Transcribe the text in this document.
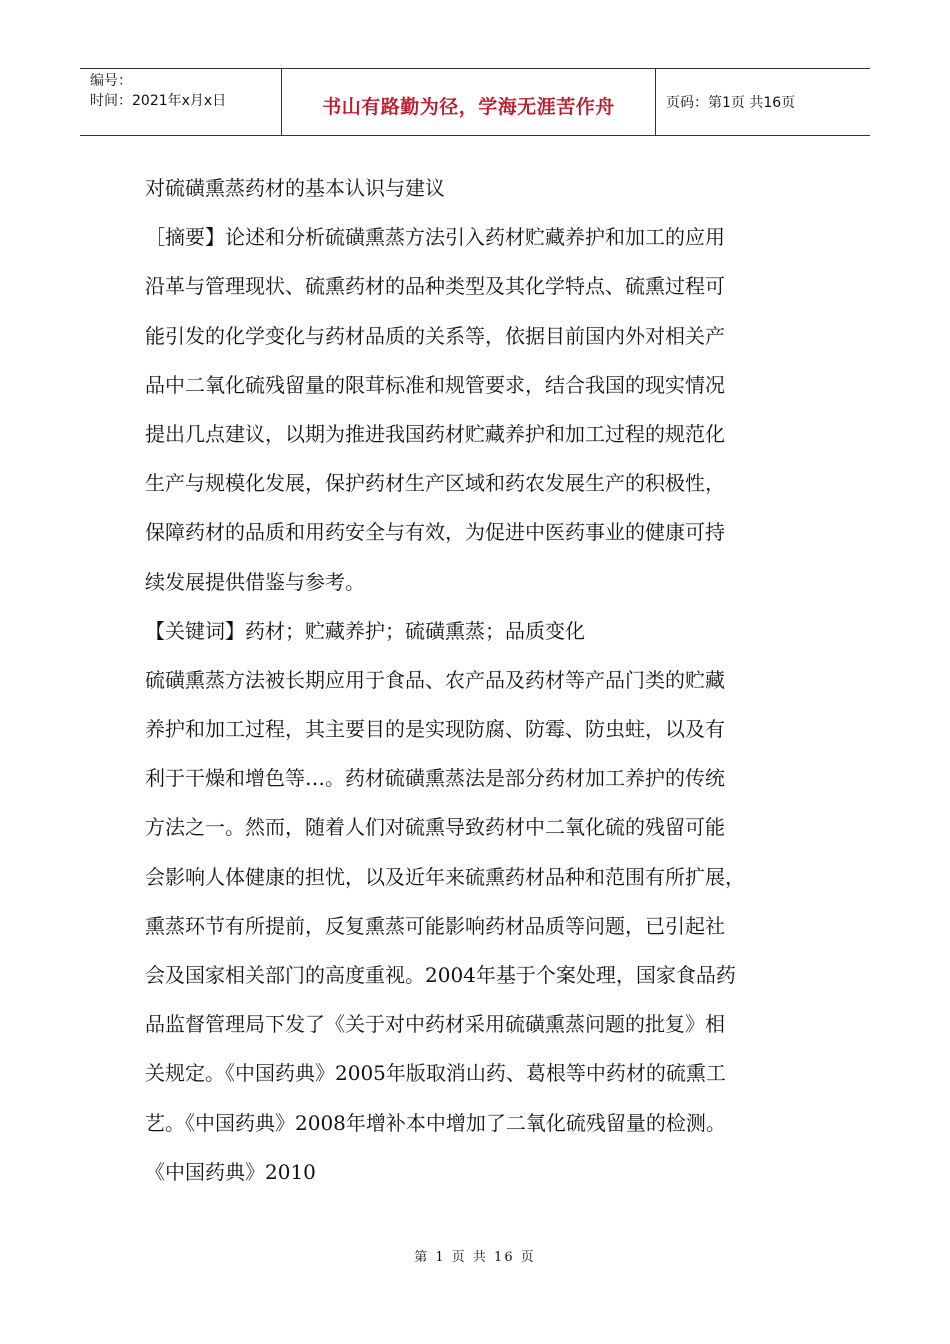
编号：
时间：2021年x月x日	书山有路勤为径，学海无涯苦作舟	页码：第1页 共16页
对硫磺熏蒸药材的基本认识与建议
［摘要】论述和分析硫磺熏蒸方法引入药材贮藏养护和加工的应用
沿革与管理现状、硫熏药材的品种类型及其化学特点、硫熏过程可
能引发的化学变化与药材品质的关系等，依据目前国内外对相关产
品中二氧化硫残留量的限茸标准和规管要求，结合我国的现实情况
提出几点建议，以期为推进我国药材贮藏养护和加工过程的规范化
生产与规模化发展，保护药材生产区域和药农发展生产的积极性，
保障药材的品质和用药安全与有效，为促进中医药事业的健康可持
续发展提供借鉴与参考。
【关键词】药材；贮藏养护；硫磺熏蒸；品质变化
硫磺熏蒸方法被长期应用于食品、农产品及药材等产品门类的贮藏
养护和加工过程，其主要目的是实现防腐、防霉、防虫蛀，以及有
利于干燥和增色等…。药材硫磺熏蒸法是部分药材加工养护的传统
方法之一。然而，随着人们对硫熏导致药材中二氧化硫的残留可能
会影响人体健康的担忧，以及近年来硫熏药材品种和范围有所扩展，
熏蒸环节有所提前，反复熏蒸可能影响药材品质等问题，已引起社
会及国家相关部门的高度重视。2004年基于个案处理，国家食品药
品监督管理局下发了《关于对中药材采用硫磺熏蒸问题的批复》相
关规定。《中国药典》2005年版取消山药、葛根等中药材的硫熏工
艺。《中国药典》2008年增补本中增加了二氧化硫残留量的检测。
《中国药典》2010
第 1 页 共 16 页
